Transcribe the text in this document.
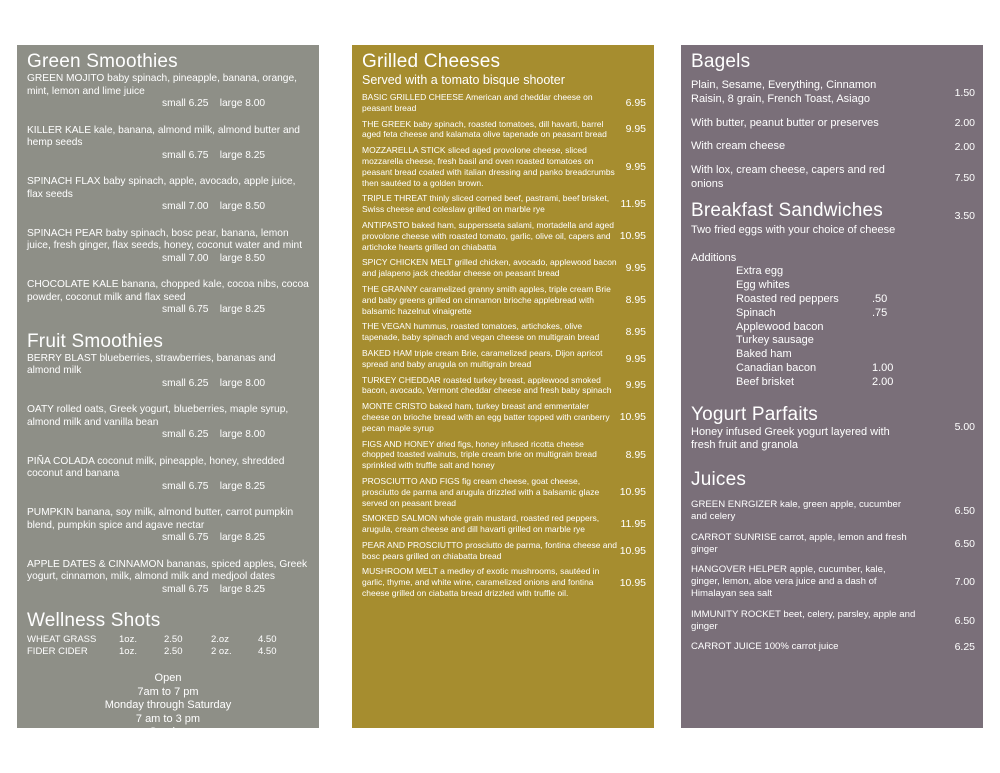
Green Smoothies
GREEN MOJITO baby spinach, pineapple, banana, orange, mint, lemon and lime juice
small 6.25    large 8.00
KILLER KALE kale, banana, almond milk, almond butter and hemp seeds
small 6.75    large 8.25
SPINACH FLAX baby spinach, apple, avocado, apple juice, flax seeds
small 7.00    large 8.50
SPINACH PEAR baby spinach, bosc pear, banana, lemon juice, fresh ginger, flax seeds, honey, coconut water and mint
small 7.00    large 8.50
CHOCOLATE KALE banana, chopped kale, cocoa nibs, cocoa powder, coconut milk and flax seed
small 6.75    large 8.25
Fruit Smoothies
BERRY BLAST blueberries, strawberries, bananas and almond milk
small 6.25    large 8.00
OATY rolled oats, Greek yogurt, blueberries, maple syrup, almond milk and vanilla bean
small 6.25    large 8.00
PIÑA COLADA coconut milk, pineapple, honey, shredded coconut and banana
small 6.75    large 8.25
PUMPKIN banana, soy milk, almond butter, carrot pumpkin blend, pumpkin spice and agave nectar
small 6.75    large 8.25
APPLE DATES & CINNAMON bananas, spiced apples, Greek yogurt, cinnamon, milk, almond milk and medjool dates
small 6.75    large 8.25
Wellness Shots
WHEAT GRASS	1oz.	2.50	2.oz	4.50
FIDER CIDER	1oz.	2.50	2 oz.	4.50
Open
7am to 7 pm
Monday through Saturday
7 am to 3 pm
Sunday
Grilled Cheeses
Served with a tomato bisque shooter
BASIC GRILLED CHEESE American and cheddar cheese on peasant bread	6.95
THE GREEK baby spinach, roasted tomatoes, dill havarti, barrel aged feta cheese and kalamata olive tapenade on peasant bread	9.95
MOZZARELLA STICK sliced aged provolone cheese, sliced mozzarella cheese, fresh basil and oven roasted tomatoes on peasant bread coated with italian dressing and panko breadcrumbs then sautéed to a golden brown.
9.95
TRIPLE THREAT thinly sliced corned beef, pastrami, beef brisket, Swiss cheese and coleslaw grilled on marble rye	11.95
ANTIPASTO baked ham, suppersseta salami, mortadella and aged provolone cheese with roasted tomato, garlic, olive oil, capers and artichoke hearts grilled on chiabatta
10.95
SPICY CHICKEN MELT grilled chicken, avocado, applewood bacon and jalapeno jack cheddar cheese on peasant bread	9.95
THE GRANNY caramelized granny smith apples, triple cream Brie and baby greens grilled on cinnamon brioche applebread with balsamic hazelnut vinaigrette
8.95
THE VEGAN hummus, roasted tomatoes, artichokes, olive tapenade, baby spinach and vegan cheese on multigrain bread	8.95
BAKED HAM triple cream Brie, caramelized pears, Dijon apricot spread and baby arugula on multigrain bread	9.95
TURKEY CHEDDAR roasted turkey breast, applewood smoked bacon, avocado, Vermont cheddar cheese and fresh baby spinach	9.95
MONTE CRISTO baked ham, turkey breast and emmentaler cheese on brioche bread with an egg batter topped with cranberry pecan maple syrup
10.95
FIGS AND HONEY dried figs, honey infused ricotta cheese chopped toasted walnuts, triple cream brie on multigrain bread sprinkled with truffle salt and honey
8.95
PROSCIUTTO AND FIGS fig cream cheese, goat cheese, prosciutto de parma and arugula drizzled with a balsamic glaze served on peasant bread
10.95
SMOKED SALMON whole grain mustard, roasted red peppers, arugula, cream cheese and dill havarti grilled on marble rye	11.95
PEAR AND PROSCIUTTO prosciutto de parma, fontina cheese and bosc pears grilled on chiabatta bread	10.95
MUSHROOM MELT a medley of exotic mushrooms, sautéed in garlic, thyme, and white wine, caramelized onions and fontina cheese grilled on ciabatta bread drizzled with truffle oil.
10.95
Bagels
Plain, Sesame, Everything, Cinnamon Raisin, 8 grain, French Toast, Asiago	1.50
With butter, peanut butter or preserves	2.00
With cream cheese	2.00
With lox, cream cheese, capers and red onions	7.50
Breakfast Sandwiches
Two fried eggs with your choice of cheese
3.50
Additions
Extra egg
Egg whites
Roasted red peppers	.50
Spinach	.75
Applewood bacon
Turkey sausage
Baked ham
Canadian bacon	1.00
Beef brisket	2.00
Yogurt Parfaits
Honey infused Greek yogurt layered with fresh fruit and granola
5.00
Juices
GREEN ENRGIZER kale, green apple, cucumber and celery	6.50
CARROT SUNRISE carrot, apple, lemon and fresh ginger	6.50
HANGOVER HELPER apple, cucumber, kale, ginger, lemon, aloe vera juice and a dash of Himalayan sea salt
7.00
IMMUNITY ROCKET beet, celery, parsley, apple and ginger	6.50
CARROT JUICE 100% carrot juice	6.25
